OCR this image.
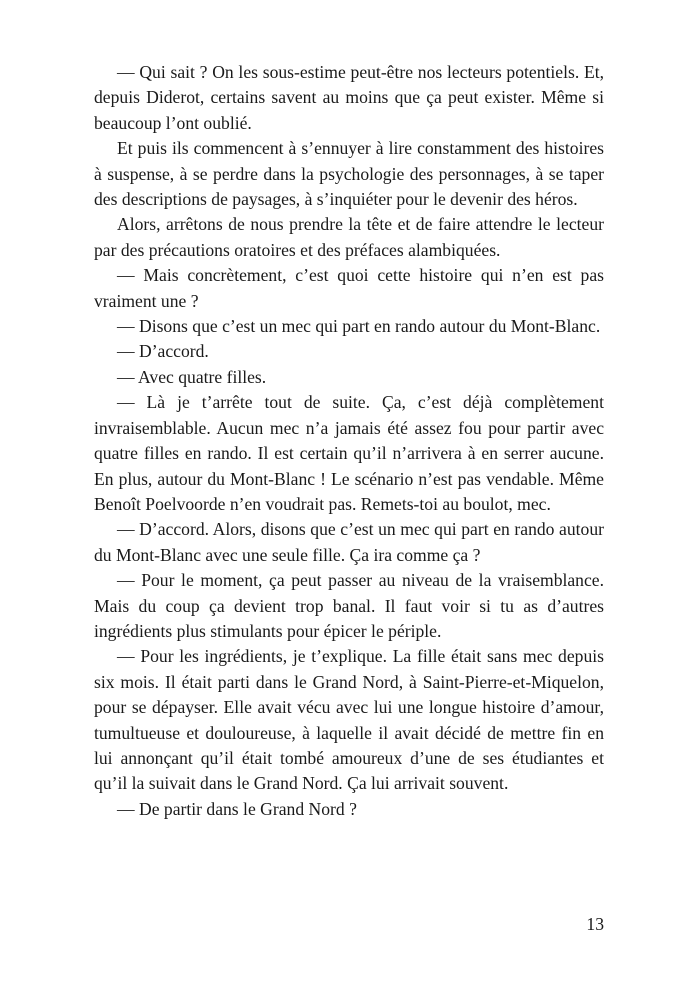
— Qui sait ? On les sous-estime peut-être nos lecteurs potentiels. Et, depuis Diderot, certains savent au moins que ça peut exister. Même si beaucoup l’ont oublié.

Et puis ils commencent à s’ennuyer à lire constamment des histoires à suspense, à se perdre dans la psychologie des personnages, à se taper des descriptions de paysages, à s’inquiéter pour le devenir des héros.

Alors, arrêtons de nous prendre la tête et de faire attendre le lecteur par des précautions oratoires et des préfaces alambiquées.

— Mais concrètement, c’est quoi cette histoire qui n’en est pas vraiment une ?

— Disons que c’est un mec qui part en rando autour du Mont-Blanc.

— D’accord.

— Avec quatre filles.

— Là je t’arrête tout de suite. Ça, c’est déjà complètement invraisemblable. Aucun mec n’a jamais été assez fou pour partir avec quatre filles en rando. Il est certain qu’il n’arrivera à en serrer aucune. En plus, autour du Mont-Blanc ! Le scénario n’est pas vendable. Même Benoît Poelvoorde n’en voudrait pas. Remets-toi au boulot, mec.

— D’accord. Alors, disons que c’est un mec qui part en rando autour du Mont-Blanc avec une seule fille. Ça ira comme ça ?

— Pour le moment, ça peut passer au niveau de la vraisemblance. Mais du coup ça devient trop banal. Il faut voir si tu as d’autres ingrédients plus stimulants pour épicer le périple.

— Pour les ingrédients, je t’explique. La fille était sans mec depuis six mois. Il était parti dans le Grand Nord, à Saint-Pierre-et-Miquelon, pour se dépayser. Elle avait vécu avec lui une longue histoire d’amour, tumultueuse et douloureuse, à laquelle il avait décidé de mettre fin en lui annonçant qu’il était tombé amoureux d’une de ses étudiantes et qu’il la suivait dans le Grand Nord. Ça lui arrivait souvent.

— De partir dans le Grand Nord ?

13
